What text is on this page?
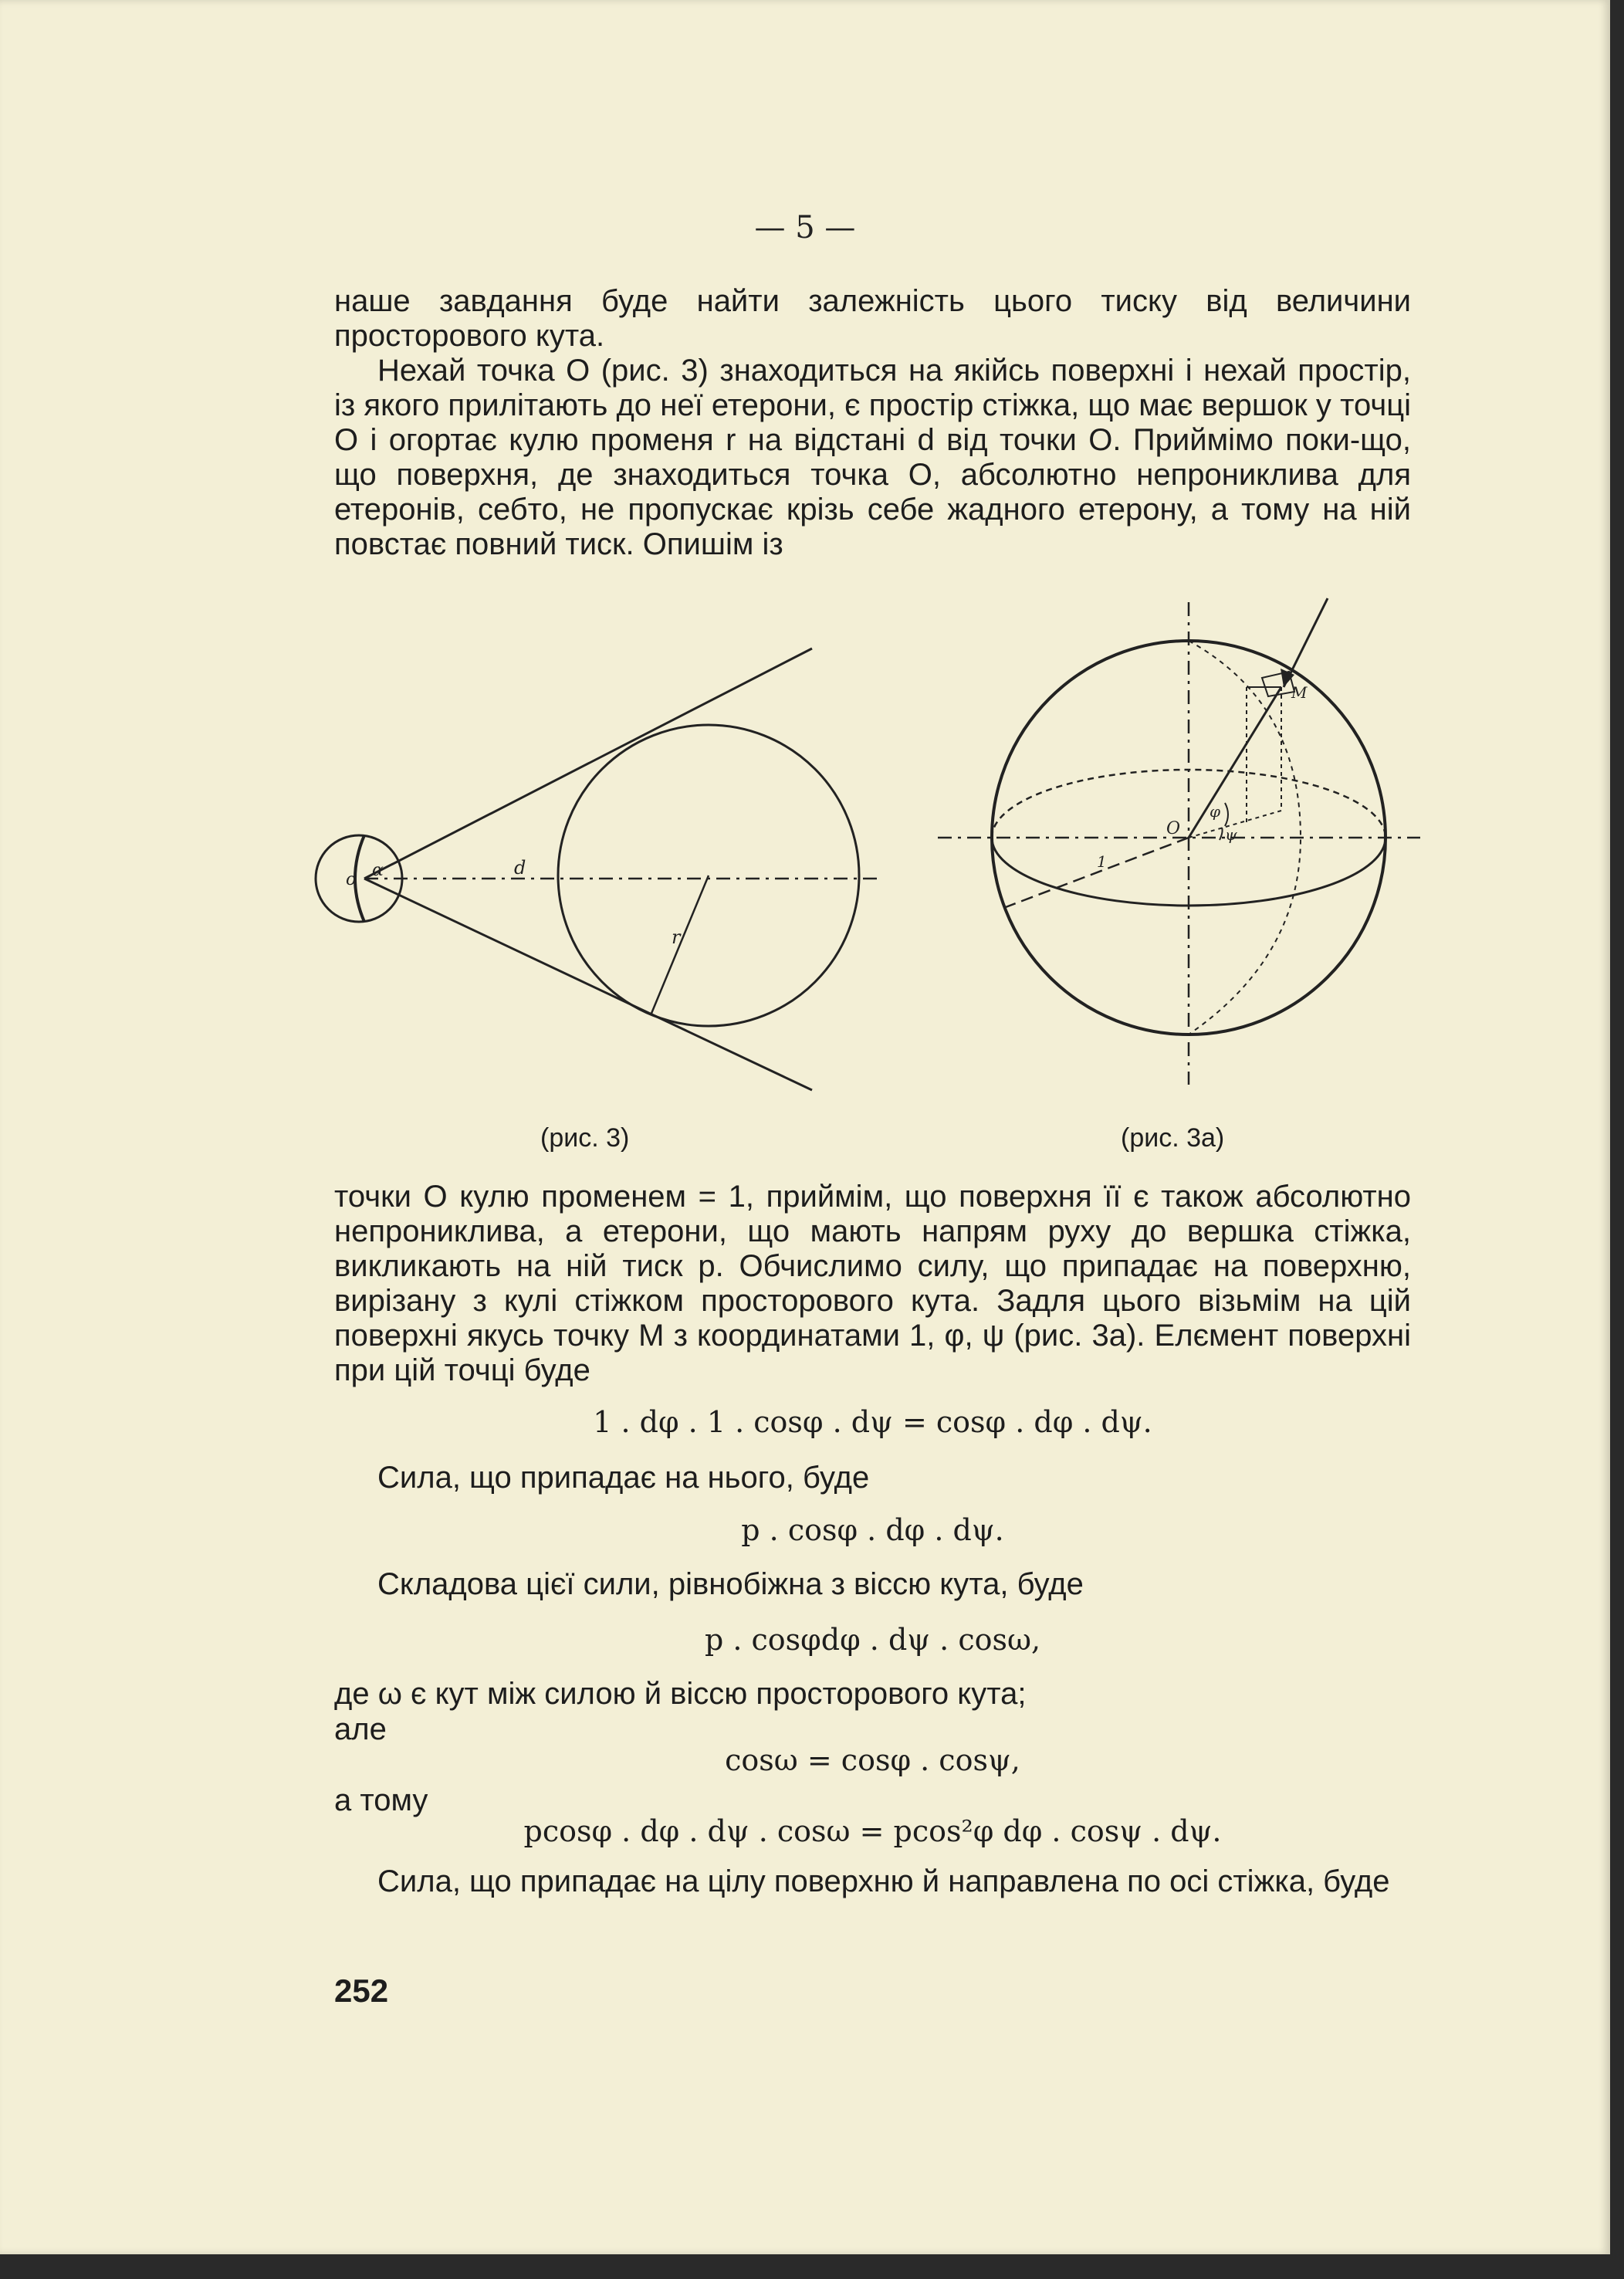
— 5 —

наше завдання буде найти залежність цього тиску від величини просторового кута.

Нехай точка O (рис. 3) знаходиться на якійсь поверхні і нехай простір, із якого прилітають до неї етерони, є простір стіжка, що має вершок у точці O і огортає кулю променя r на відстані d від точки O. Приймімо поки-що, що поверхня, де знаходиться точка O, абсолютно непрониклива для етеронів, себто, не пропускає крізь себе жадного етерону, а тому на ній повстає повний тиск. Опишім із

o α	d
r
O
M
1
φ
ψ
(рис. 3)	(рис. 3а)

точки O кулю променем = 1, приймім, що поверхня її є також абсолютно непрониклива, а етерони, що мають напрям руху до вершка стіжка, викликають на ній тиск p. Обчислимо силу, що припадає на поверхню, вирізану з кулі стіжком просторового кута. Задля цього візьмім на цій поверхні якусь точку M з координатами 1, φ, ψ (рис. 3а). Елємент поверхні при цій точці буде

1 . dφ . 1 . cosφ . dψ = cosφ . dφ . dψ.

Сила, що припадає на нього, буде

p . cosφ . dφ . dψ.

Складова цієї сили, рівнобіжна з віссю кута, буде

p . cosφdφ . dψ . cosω,

де ω є кут між силою й віссю просторового кута;

але
cosω = cosφ . cosψ,
а тому
pcosφ . dφ . dψ . cosω = pcos²φ dφ . cosψ . dψ.

Сила, що припадає на цілу поверхню й направлена по осі стіжка, буде

252
